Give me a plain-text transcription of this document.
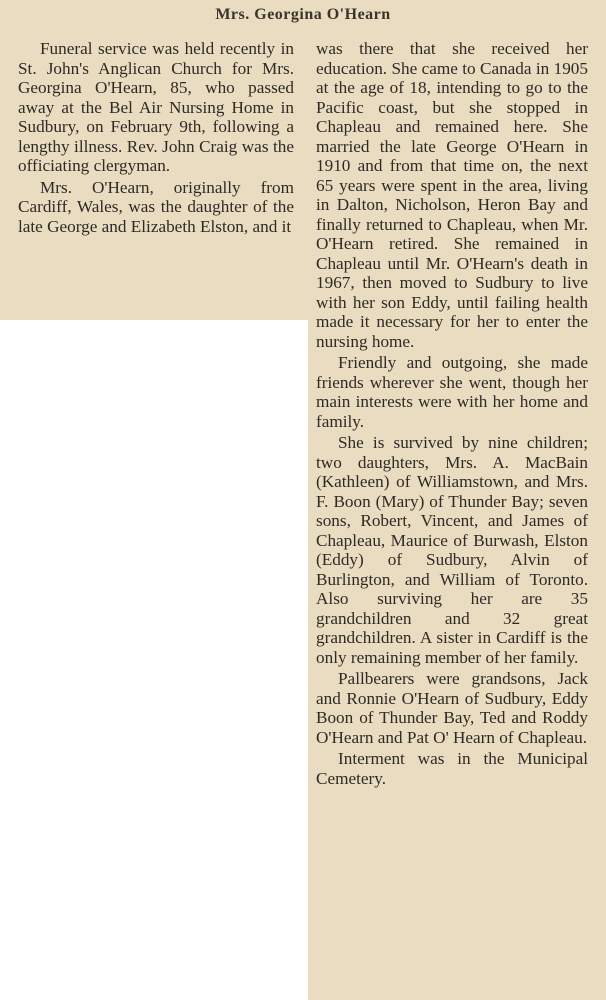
Mrs. Georgina O'Hearn

Funeral service was held recently in St. John's Anglican Church for Mrs. Georgina O'Hearn, 85, who passed away at the Bel Air Nursing Home in Sudbury, on February 9th, following a lengthy illness. Rev. John Craig was the officiating clergyman.

Mrs. O'Hearn, originally from Cardiff, Wales, was the daughter of the late George and Elizabeth Elston, and it

was there that she received her education. She came to Canada in 1905 at the age of 18, intending to go to the Pacific coast, but she stopped in Chapleau and remained here. She married the late George O'Hearn in 1910 and from that time on, the next 65 years were spent in the area, living in Dalton, Nicholson, Heron Bay and finally returned to Chapleau, when Mr. O'Hearn retired. She remained in Chapleau until Mr. O'Hearn's death in 1967, then moved to Sudbury to live with her son Eddy, until failing health made it necessary for her to enter the nursing home.

Friendly and outgoing, she made friends wherever she went, though her main interests were with her home and family.

She is survived by nine children; two daughters, Mrs. A. MacBain (Kathleen) of Williamstown, and Mrs. F. Boon (Mary) of Thunder Bay; seven sons, Robert, Vincent, and James of Chapleau, Maurice of Burwash, Elston (Eddy) of Sudbury, Alvin of Burlington, and William of Toronto. Also surviving her are 35 grandchildren and 32 great grandchildren. A sister in Cardiff is the only remaining member of her family.

Pallbearers were grandsons, Jack and Ronnie O'Hearn of Sudbury, Eddy Boon of Thunder Bay, Ted and Roddy O'Hearn and Pat O' Hearn of Chapleau.

Interment was in the Municipal Cemetery.
